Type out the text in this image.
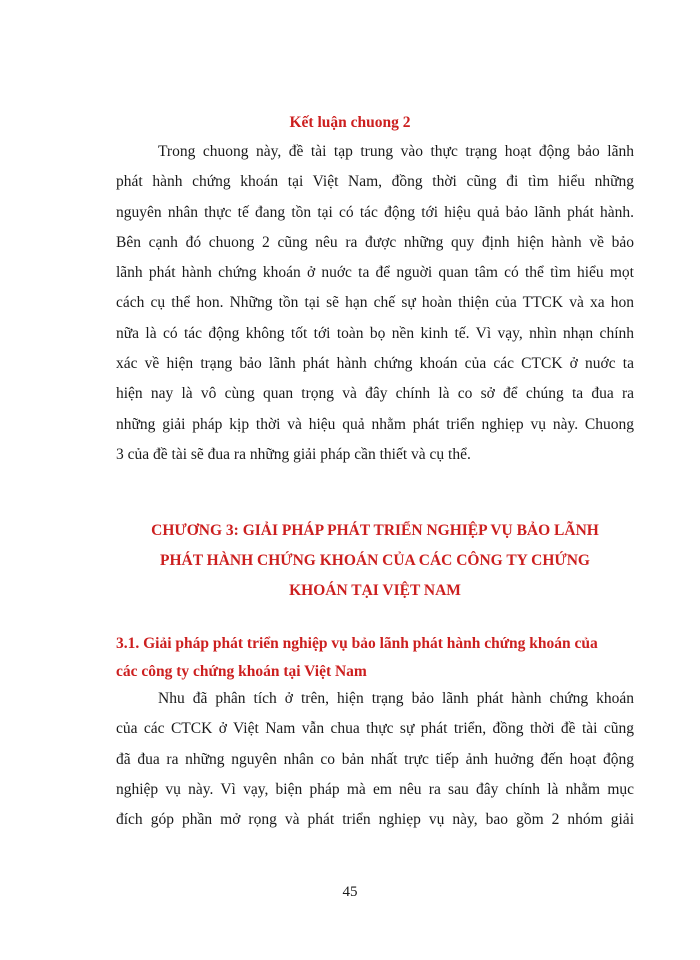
Kết luận chuong 2
Trong chuong này, đề tài tạp trung vào thực trạng hoạt động bảo lãnh
phát hành chứng khoán tại Việt Nam, đồng thời cũng đi tìm hiểu những
nguyên nhân thực tế đang tồn tại có tác động tới hiệu quả bảo lãnh phát hành.
Bên cạnh đó chuong 2 cũng nêu ra được những quy định hiện hành về bảo
lãnh phát hành chứng khoán ở nuớc ta để nguời quan tâm có thể tìm hiểu mọt
cách cụ thể hon. Những tồn tại sẽ hạn chế sự hoàn thiện của TTCK và xa hon
nữa là có tác động không tốt tới toàn bọ nền kinh tế. Vì vạy, nhìn nhạn chính
xác về hiện trạng bảo lãnh phát hành chứng khoán của các CTCK ở nuớc ta
hiện nay là vô cùng quan trọng và đây chính là co sở để chúng ta đua ra
những giải pháp kịp thời và hiệu quả nhằm phát triển nghiẹp vụ này. Chuong
3 của đề tài sẽ đua ra những giải pháp cần thiết và cụ thể.
CHƯƠNG 3: GIẢI PHÁP PHÁT TRIỂN NGHIỆP VỤ BẢO LÃNH
PHÁT HÀNH CHỨNG KHOÁN CỦA CÁC CÔNG TY CHỨNG
KHOÁN TẠI VIỆT NAM
3.1. Giải pháp phát triển nghiệp vụ bảo lãnh phát hành chứng khoán của
các công ty chứng khoán tại Việt Nam
Nhu đã phân tích ở trên, hiện trạng bảo lãnh phát hành chứng khoán
của các CTCK ở Việt Nam vẫn chua thực sự phát triển, đồng thời đề tài cũng
đã đua ra những nguyên nhân co bản nhất trực tiếp ảnh huởng đến hoạt động
nghiệp vụ này. Vì vạy, biện pháp mà em nêu ra sau đây chính là nhằm mục
đích góp phần mở rọng và phát triển nghiẹp vụ này, bao gồm 2 nhóm giải
45
